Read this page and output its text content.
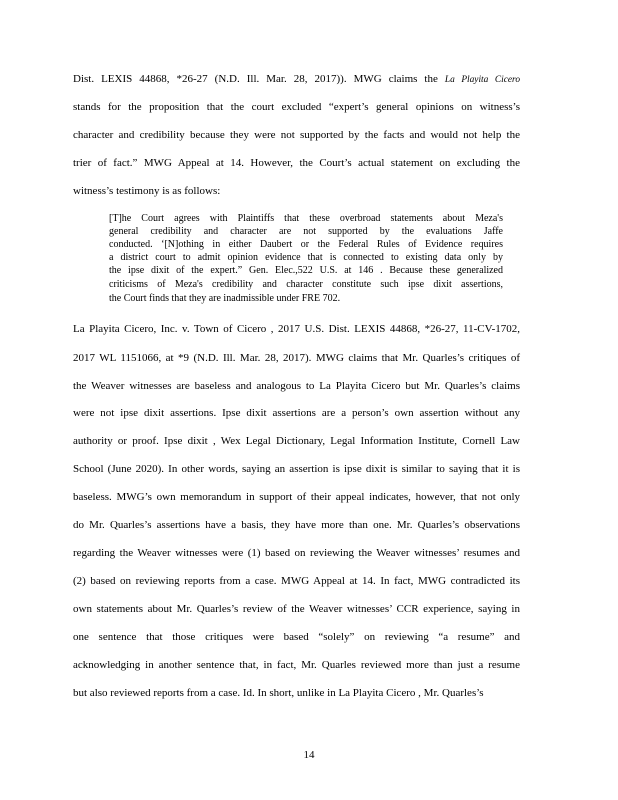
Dist. LEXIS 44868, *26-27 (N.D. Ill. Mar. 28, 2017)). MWG claims the La Playita Cicero
stands for the proposition that the court excluded “expert’s general opinions on witness’s
character and credibility because they were not supported by the facts and would not help the
trier of fact.” MWG Appeal at 14. However, the Court’s actual statement on excluding the
witness’s testimony is as follows:
[T]he Court agrees with Plaintiffs that these overbroad statements about Meza's
general credibility and character are not supported by the evaluations Jaffe
conducted. ‘[N]othing in either Daubert or the Federal Rules of Evidence requires
a district court to admit opinion evidence that is connected to existing data only by
the ipse dixit of the expert.” Gen. Elec.,522 U.S. at 146 . Because these generalized
criticisms of Meza's credibility and character constitute such ipse dixit assertions,
the Court finds that they are inadmissible under FRE 702.
La Playita Cicero, Inc. v. Town of Cicero , 2017 U.S. Dist. LEXIS 44868, *26-27, 11-CV-1702,
2017 WL 1151066, at *9 (N.D. Ill. Mar. 28, 2017). MWG claims that Mr. Quarles’s critiques of
the Weaver witnesses are baseless and analogous to La Playita Cicero but Mr. Quarles’s claims
were not ipse dixit assertions. Ipse dixit assertions are a person’s own assertion without any
authority or proof. Ipse dixit , Wex Legal Dictionary, Legal Information Institute, Cornell Law
School (June 2020). In other words, saying an assertion is ipse dixit is similar to saying that it is
baseless. MWG’s own memorandum in support of their appeal indicates, however, that not only
do Mr. Quarles’s assertions have a basis, they have more than one. Mr. Quarles’s observations
regarding the Weaver witnesses were (1) based on reviewing the Weaver witnesses’ resumes and
(2) based on reviewing reports from a case. MWG Appeal at 14. In fact, MWG contradicted its
own statements about Mr. Quarles’s review of the Weaver witnesses’ CCR experience, saying in
one sentence that those critiques were based “solely” on reviewing “a resume” and
acknowledging in another sentence that, in fact, Mr. Quarles reviewed more than just a resume
but also reviewed reports from a case. Id. In short, unlike in La Playita Cicero , Mr. Quarles’s
14
